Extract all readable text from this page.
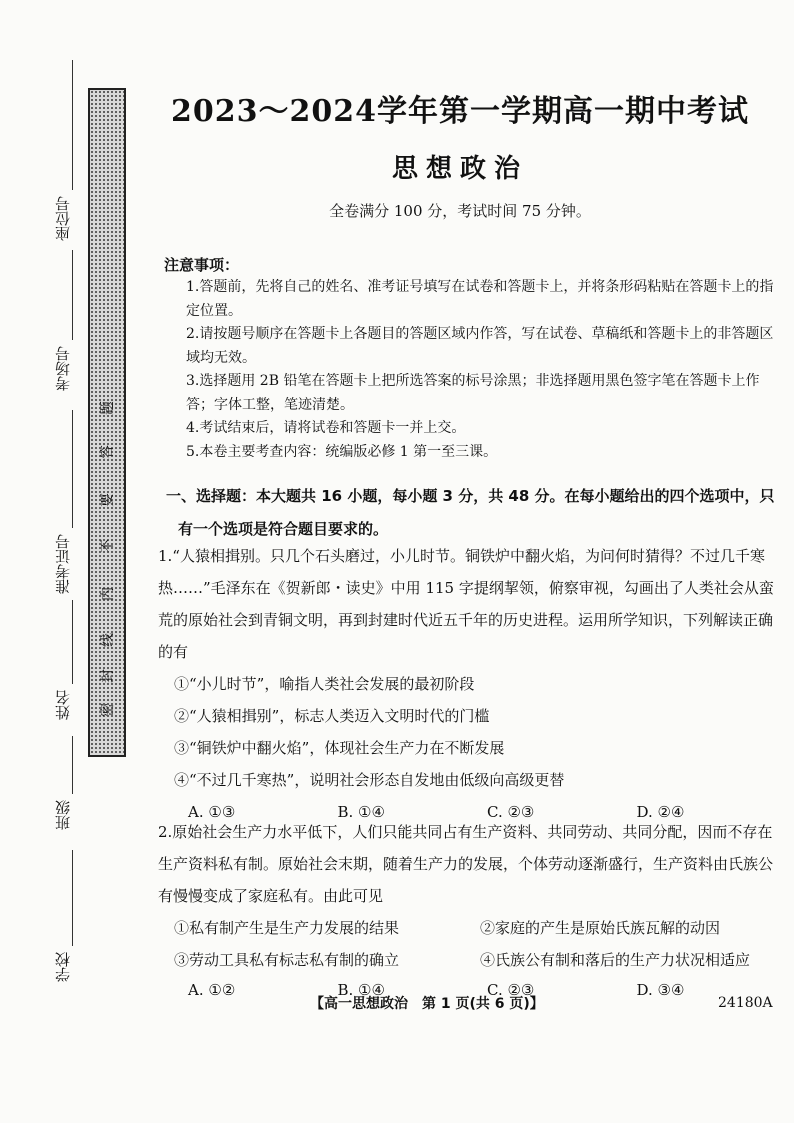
座位号
考场号
准考证号
姓名
班级
学校
密
封
线
内
不
要
答
题
2023～2024学年第一学期高一期中考试
思想政治
全卷满分 100 分，考试时间 75 分钟。
注意事项：

1.答题前，先将自己的姓名、准考证号填写在试卷和答题卡上，并将条形码粘贴在答题卡上的指定位置。

2.请按题号顺序在答题卡上各题目的答题区域内作答，写在试卷、草稿纸和答题卡上的非答题区域均无效。

3.选择题用 2B 铅笔在答题卡上把所选答案的标号涂黑；非选择题用黑色签字笔在答题卡上作答；字体工整，笔迹清楚。

4.考试结束后，请将试卷和答题卡一并上交。

5.本卷主要考查内容：统编版必修 1 第一至三课。

一、选择题：本大题共 16 小题，每小题 3 分，共 48 分。在每小题给出的四个选项中，只有一个选项是符合题目要求的。

1.“人猿相揖别。只几个石头磨过，小儿时节。铜铁炉中翻火焰，为问何时猜得？不过几千寒热……”毛泽东在《贺新郎・读史》中用 115 字提纲挈领，俯察审视，勾画出了人类社会从蛮荒的原始社会到青铜文明，再到封建时代近五千年的历史进程。运用所学知识，下列解读正确的有

①“小儿时节”，喻指人类社会发展的最初阶段

②“人猿相揖别”，标志人类迈入文明时代的门槛

③“铜铁炉中翻火焰”，体现社会生产力在不断发展

④“不过几千寒热”，说明社会形态自发地由低级向高级更替

A. ①③	B. ①④	C. ②③	D. ②④

2.原始社会生产力水平低下，人们只能共同占有生产资料、共同劳动、共同分配，因而不存在生产资料私有制。原始社会末期，随着生产力的发展，个体劳动逐渐盛行，生产资料由氏族公有慢慢变成了家庭私有。由此可见

①私有制产生是生产力发展的结果	②家庭的产生是原始氏族瓦解的动因
③劳动工具私有标志私有制的确立	④氏族公有制和落后的生产力状况相适应
A. ①②	B. ①④	C. ②③	D. ③④
【高一思想政治　第 1 页(共 6 页)】	24180A
